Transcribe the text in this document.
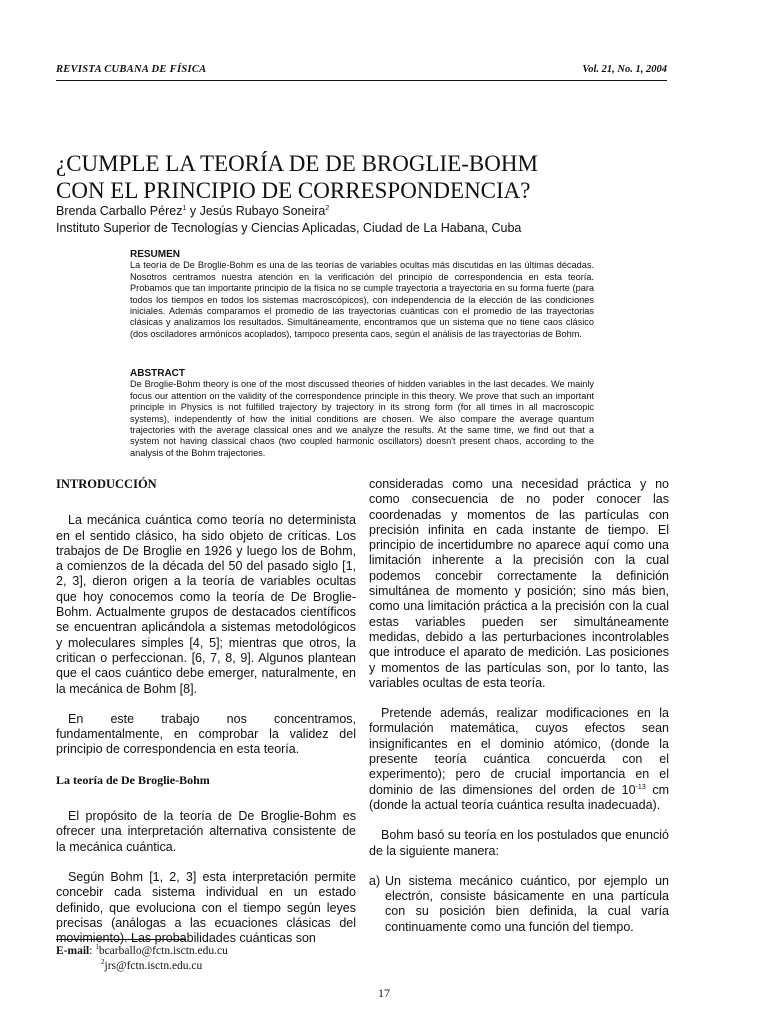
REVISTA CUBANA DE FÍSICA	Vol. 21, No. 1, 2004
¿CUMPLE LA TEORÍA DE DE BROGLIE-BOHM
CON EL PRINCIPIO DE CORRESPONDENCIA?
Brenda Carballo Pérez$^1$ y Jesús Rubayo Soneira$^2$
Instituto Superior de Tecnologías y Ciencias Aplicadas, Ciudad de La Habana, Cuba
RESUMEN
La teoría de De Broglie-Bohm es una de las teorías de variables ocultas más discutidas en las últimas décadas. Nosotros centramos nuestra atención en la verificación del principio de correspondencia en esta teoría. Probamos que tan importante principio de la física no se cumple trayectoria a trayectoria en su forma fuerte (para todos los tiempos en todos los sistemas macroscópicos), con independencia de la elección de las condiciones iniciales. Además comparamos el promedio de las trayectorias cuánticas con el promedio de las trayectorias clásicas y analizamos los resultados. Simultáneamente, encontramos que un sistema que no tiene caos clásico (dos osciladores armónicos acoplados), tampoco presenta caos, según el análisis de las trayectorias de Bohm.
ABSTRACT
De Broglie-Bohm theory is one of the most discussed theories of hidden variables in the last decades. We mainly focus our attention on the validity of the correspondence principle in this theory. We prove that such an important principle in Physics is not fulfilled trajectory by trajectory in its strong form (for all times in all macroscopic systems), independently of how the initial conditions are chosen. We also compare the average quantum trajectories with the average classical ones and we analyze the results. At the same time, we find out that a system not having classical chaos (two coupled harmonic oscillators) doesn't present chaos, according to the analysis of the Bohm trajectories.
INTRODUCCIÓN

La mecánica cuántica como teoría no determinista en el sentido clásico, ha sido objeto de críticas. Los trabajos de De Broglie en 1926 y luego los de Bohm, a comienzos de la década del 50 del pasado siglo [1, 2, 3], dieron origen a la teoría de variables ocultas que hoy conocemos como la teoría de De Broglie-Bohm. Actualmente grupos de destacados científicos se encuentran aplicándola a sistemas metodológicos y moleculares simples [4, 5]; mientras que otros, la critican o perfeccionan. [6, 7, 8, 9]. Algunos plantean que el caos cuántico debe emerger, naturalmente, en la mecánica de Bohm [8].

En este trabajo nos concentramos, fundamentalmente, en comprobar la validez del principio de correspondencia en esta teoría.

La teoría de De Broglie-Bohm

El propósito de la teoría de De Broglie-Bohm es ofrecer una interpretación alternativa consistente de la mecánica cuántica.

Según Bohm [1, 2, 3] esta interpretación permite concebir cada sistema individual en un estado definido, que evoluciona con el tiempo según leyes precisas (análogas a las ecuaciones clásicas del movimiento). Las probabilidades cuánticas son

consideradas como una necesidad práctica y no como consecuencia de no poder conocer las coordenadas y momentos de las partículas con precisión infinita en cada instante de tiempo. El principio de incertidumbre no aparece aquí como una limitación inherente a la precisión con la cual podemos concebir correctamente la definición simultánea de momento y posición; sino más bien, como una limitación práctica a la precisión con la cual estas variables pueden ser simultáneamente medidas, debido a las perturbaciones incontrolables que introduce el aparato de medición. Las posiciones y momentos de las partículas son, por lo tanto, las variables ocultas de esta teoría.

Pretende además, realizar modificaciones en la formulación matemática, cuyos efectos sean insignificantes en el dominio atómico, (donde la presente teoría cuántica concuerda con el experimento); pero de crucial importancia en el dominio de las dimensiones del orden de $10^{-13}$ cm (donde la actual teoría cuántica resulta inadecuada).

Bohm basó su teoría en los postulados que enunció de la siguiente manera:

a) Un sistema mecánico cuántico, por ejemplo un electrón, consiste básicamente en una partícula con su posición bien definida, la cual varía continuamente como una función del tiempo.
E-mail: $^1$bcarballo@fctn.isctn.edu.cu
$^2$jrs@fctn.isctn.edu.cu
17
